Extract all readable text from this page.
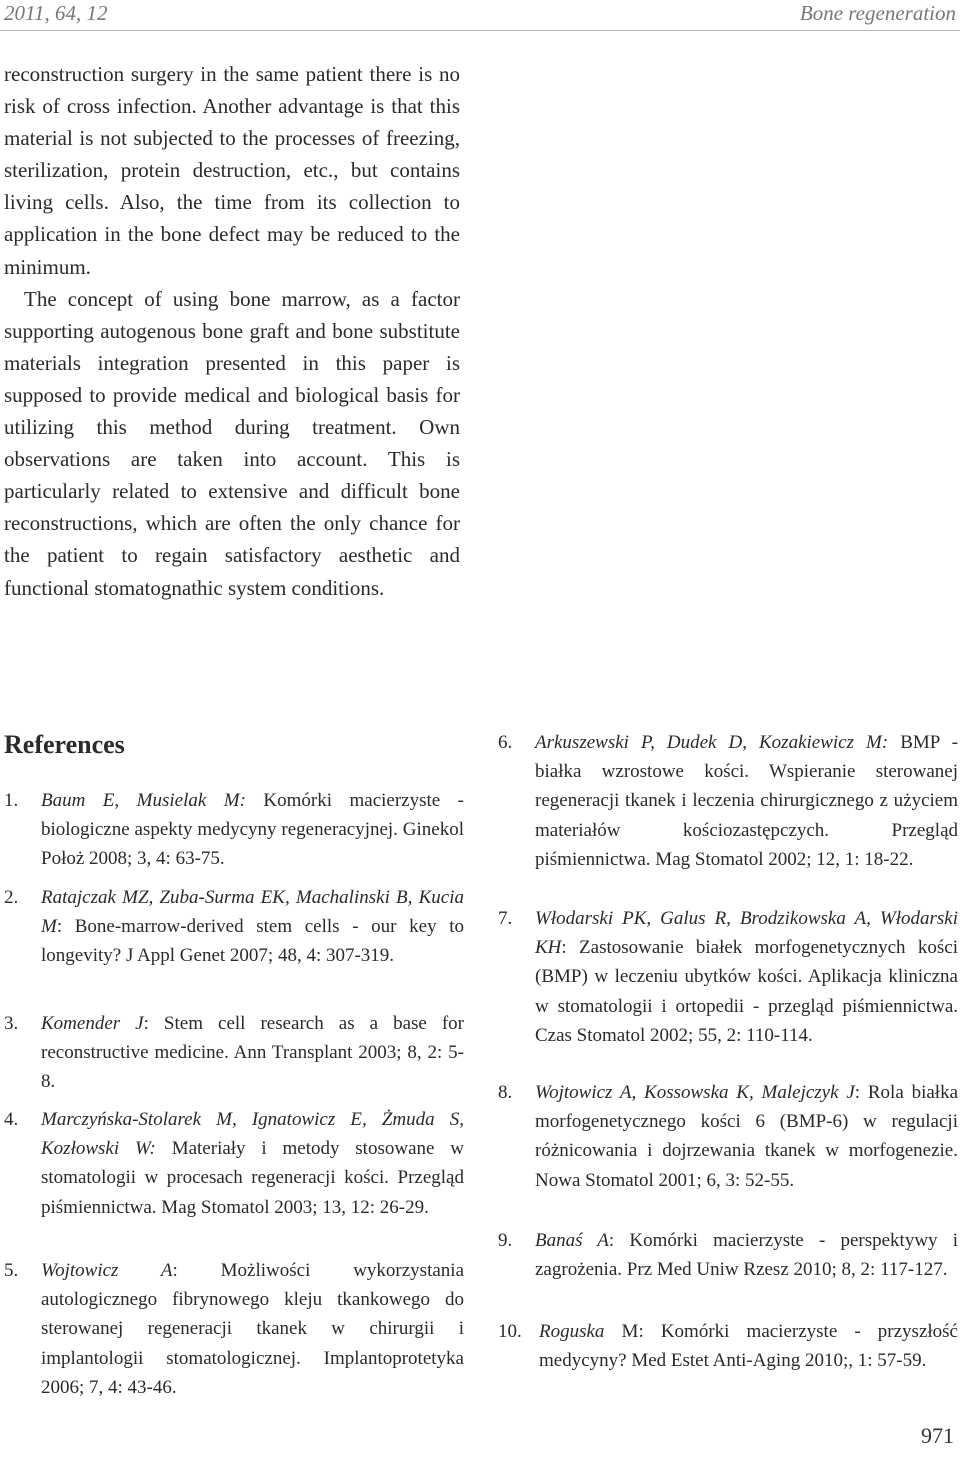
2011, 64, 12	Bone regeneration

reconstruction surgery in the same patient there is no risk of cross infection. Another advantage is that this material is not subjected to the processes of freezing, sterilization, protein destruction, etc., but contains living cells. Also, the time from its collection to application in the bone defect may be reduced to the minimum.

The concept of using bone marrow, as a factor supporting autogenous bone graft and bone substitute materials integration presented in this paper is supposed to provide medical and biological basis for utilizing this method during treatment. Own observations are taken into account. This is particularly related to extensive and difficult bone reconstructions, which are often the only chance for the patient to regain satisfactory aesthetic and functional stomatognathic system conditions.

References
1. Baum E, Musielak M: Komórki macierzyste - biologiczne aspekty medycyny regeneracyjnej. Ginekol Położ 2008; 3, 4: 63-75.
2. Ratajczak MZ, Zuba-Surma EK, Machalinski B, Kucia M: Bone-marrow-derived stem cells - our key to longevity? J Appl Genet 2007; 48, 4: 307-319.
3. Komender J: Stem cell research as a base for reconstructive medicine. Ann Transplant 2003; 8, 2: 5-8.
4. Marczyńska-Stolarek M, Ignatowicz E, Żmuda S, Kozłowski W: Materiały i metody stosowane w stomatologii w procesach regeneracji kości. Przegląd piśmiennictwa. Mag Stomatol 2003; 13, 12: 26-29.
5. Wojtowicz A: Możliwości wykorzystania autologicznego fibrynowego kleju tkankowego do sterowanej regeneracji tkanek w chirurgii i implantologii stomatologicznej. Implantoprotetyka 2006; 7, 4: 43-46.
6. Arkuszewski P, Dudek D, Kozakiewicz M: BMP - białka wzrostowe kości. Wspieranie sterowanej regeneracji tkanek i leczenia chirurgicznego z użyciem materiałów kościozastępczych. Przegląd piśmiennictwa. Mag Stomatol 2002; 12, 1: 18-22.
7. Włodarski PK, Galus R, Brodzikowska A, Włodarski KH: Zastosowanie białek morfogenetycznych kości (BMP) w leczeniu ubytków kości. Aplikacja kliniczna w stomatologii i ortopedii - przegląd piśmiennictwa. Czas Stomatol 2002; 55, 2: 110-114.
8. Wojtowicz A, Kossowska K, Malejczyk J: Rola białka morfogenetycznego kości 6 (BMP-6) w regulacji różnicowania i dojrzewania tkanek w morfogenezie. Nowa Stomatol 2001; 6, 3: 52-55.
9. Banaś A: Komórki macierzyste - perspektywy i zagrożenia. Prz Med Uniw Rzesz 2010; 8, 2: 117-127.
10. Roguska M: Komórki macierzyste - przyszłość medycyny? Med Estet Anti-Aging 2010;, 1: 57-59.
971
